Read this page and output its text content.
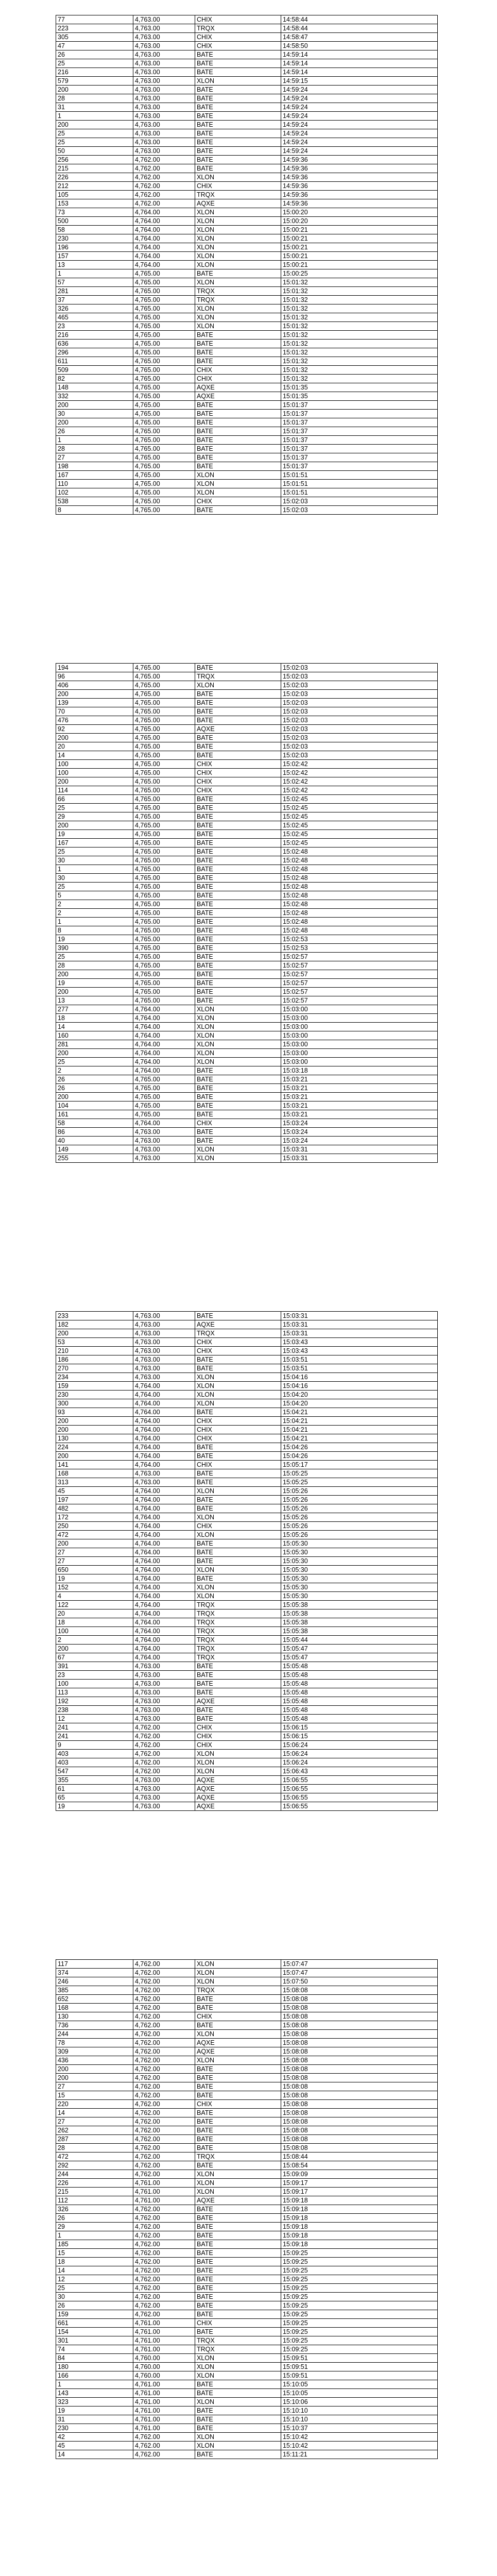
77	4,763.00	CHIX	14:58:44
223	4,763.00	TRQX	14:58:44
305	4,763.00	CHIX	14:58:47
47	4,763.00	CHIX	14:58:50
26	4,763.00	BATE	14:59:14
25	4,763.00	BATE	14:59:14
216	4,763.00	BATE	14:59:14
579	4,763.00	XLON	14:59:15
200	4,763.00	BATE	14:59:24
28	4,763.00	BATE	14:59:24
31	4,763.00	BATE	14:59:24
1	4,763.00	BATE	14:59:24
200	4,763.00	BATE	14:59:24
25	4,763.00	BATE	14:59:24
25	4,763.00	BATE	14:59:24
50	4,763.00	BATE	14:59:24
256	4,762.00	BATE	14:59:36
215	4,762.00	BATE	14:59:36
226	4,762.00	XLON	14:59:36
212	4,762.00	CHIX	14:59:36
105	4,762.00	TRQX	14:59:36
153	4,762.00	AQXE	14:59:36
73	4,764.00	XLON	15:00:20
500	4,764.00	XLON	15:00:20
58	4,764.00	XLON	15:00:21
230	4,764.00	XLON	15:00:21
196	4,764.00	XLON	15:00:21
157	4,764.00	XLON	15:00:21
13	4,764.00	XLON	15:00:21
1	4,765.00	BATE	15:00:25
57	4,765.00	XLON	15:01:32
281	4,765.00	TRQX	15:01:32
37	4,765.00	TRQX	15:01:32
326	4,765.00	XLON	15:01:32
465	4,765.00	XLON	15:01:32
23	4,765.00	XLON	15:01:32
216	4,765.00	BATE	15:01:32
636	4,765.00	BATE	15:01:32
296	4,765.00	BATE	15:01:32
611	4,765.00	BATE	15:01:32
509	4,765.00	CHIX	15:01:32
82	4,765.00	CHIX	15:01:32
148	4,765.00	AQXE	15:01:35
332	4,765.00	AQXE	15:01:35
200	4,765.00	BATE	15:01:37
30	4,765.00	BATE	15:01:37
200	4,765.00	BATE	15:01:37
26	4,765.00	BATE	15:01:37
1	4,765.00	BATE	15:01:37
28	4,765.00	BATE	15:01:37
27	4,765.00	BATE	15:01:37
198	4,765.00	BATE	15:01:37
167	4,765.00	XLON	15:01:51
110	4,765.00	XLON	15:01:51
102	4,765.00	XLON	15:01:51
538	4,765.00	CHIX	15:02:03
8	4,765.00	BATE	15:02:03
194	4,765.00	BATE	15:02:03
96	4,765.00	TRQX	15:02:03
406	4,765.00	XLON	15:02:03
200	4,765.00	BATE	15:02:03
139	4,765.00	BATE	15:02:03
70	4,765.00	BATE	15:02:03
476	4,765.00	BATE	15:02:03
92	4,765.00	AQXE	15:02:03
200	4,765.00	BATE	15:02:03
20	4,765.00	BATE	15:02:03
14	4,765.00	BATE	15:02:03
100	4,765.00	CHIX	15:02:42
100	4,765.00	CHIX	15:02:42
200	4,765.00	CHIX	15:02:42
114	4,765.00	CHIX	15:02:42
66	4,765.00	BATE	15:02:45
25	4,765.00	BATE	15:02:45
29	4,765.00	BATE	15:02:45
200	4,765.00	BATE	15:02:45
19	4,765.00	BATE	15:02:45
167	4,765.00	BATE	15:02:45
25	4,765.00	BATE	15:02:48
30	4,765.00	BATE	15:02:48
1	4,765.00	BATE	15:02:48
30	4,765.00	BATE	15:02:48
25	4,765.00	BATE	15:02:48
5	4,765.00	BATE	15:02:48
2	4,765.00	BATE	15:02:48
2	4,765.00	BATE	15:02:48
1	4,765.00	BATE	15:02:48
8	4,765.00	BATE	15:02:48
19	4,765.00	BATE	15:02:53
390	4,765.00	BATE	15:02:53
25	4,765.00	BATE	15:02:57
28	4,765.00	BATE	15:02:57
200	4,765.00	BATE	15:02:57
19	4,765.00	BATE	15:02:57
200	4,765.00	BATE	15:02:57
13	4,765.00	BATE	15:02:57
277	4,764.00	XLON	15:03:00
18	4,764.00	XLON	15:03:00
14	4,764.00	XLON	15:03:00
160	4,764.00	XLON	15:03:00
281	4,764.00	XLON	15:03:00
200	4,764.00	XLON	15:03:00
25	4,764.00	XLON	15:03:00
2	4,764.00	BATE	15:03:18
26	4,765.00	BATE	15:03:21
26	4,765.00	BATE	15:03:21
200	4,765.00	BATE	15:03:21
104	4,765.00	BATE	15:03:21
161	4,765.00	BATE	15:03:21
58	4,764.00	CHIX	15:03:24
86	4,763.00	BATE	15:03:24
40	4,763.00	BATE	15:03:24
149	4,763.00	XLON	15:03:31
255	4,763.00	XLON	15:03:31
233	4,763.00	BATE	15:03:31
182	4,763.00	AQXE	15:03:31
200	4,763.00	TRQX	15:03:31
53	4,763.00	CHIX	15:03:43
210	4,763.00	CHIX	15:03:43
186	4,763.00	BATE	15:03:51
270	4,763.00	BATE	15:03:51
234	4,763.00	XLON	15:04:16
159	4,764.00	XLON	15:04:16
230	4,764.00	XLON	15:04:20
300	4,764.00	XLON	15:04:20
93	4,764.00	BATE	15:04:21
200	4,764.00	CHIX	15:04:21
200	4,764.00	CHIX	15:04:21
130	4,764.00	CHIX	15:04:21
224	4,764.00	BATE	15:04:26
200	4,764.00	BATE	15:04:26
141	4,764.00	CHIX	15:05:17
168	4,763.00	BATE	15:05:25
313	4,763.00	BATE	15:05:25
45	4,764.00	XLON	15:05:26
197	4,764.00	BATE	15:05:26
482	4,764.00	BATE	15:05:26
172	4,764.00	XLON	15:05:26
250	4,764.00	CHIX	15:05:26
472	4,764.00	XLON	15:05:26
200	4,764.00	BATE	15:05:30
27	4,764.00	BATE	15:05:30
27	4,764.00	BATE	15:05:30
650	4,764.00	XLON	15:05:30
19	4,764.00	BATE	15:05:30
152	4,764.00	XLON	15:05:30
4	4,764.00	XLON	15:05:30
122	4,764.00	TRQX	15:05:38
20	4,764.00	TRQX	15:05:38
18	4,764.00	TRQX	15:05:38
100	4,764.00	TRQX	15:05:38
2	4,764.00	TRQX	15:05:44
200	4,764.00	TRQX	15:05:47
67	4,764.00	TRQX	15:05:47
391	4,763.00	BATE	15:05:48
23	4,763.00	BATE	15:05:48
100	4,763.00	BATE	15:05:48
113	4,763.00	BATE	15:05:48
192	4,763.00	AQXE	15:05:48
238	4,763.00	BATE	15:05:48
12	4,763.00	BATE	15:05:48
241	4,762.00	CHIX	15:06:15
241	4,762.00	CHIX	15:06:15
9	4,762.00	CHIX	15:06:24
403	4,762.00	XLON	15:06:24
403	4,762.00	XLON	15:06:24
547	4,762.00	XLON	15:06:43
355	4,763.00	AQXE	15:06:55
61	4,763.00	AQXE	15:06:55
65	4,763.00	AQXE	15:06:55
19	4,763.00	AQXE	15:06:55
117	4,762.00	XLON	15:07:47
374	4,762.00	XLON	15:07:47
246	4,762.00	XLON	15:07:50
385	4,762.00	TRQX	15:08:08
652	4,762.00	BATE	15:08:08
168	4,762.00	BATE	15:08:08
130	4,762.00	CHIX	15:08:08
736	4,762.00	BATE	15:08:08
244	4,762.00	XLON	15:08:08
78	4,762.00	AQXE	15:08:08
309	4,762.00	AQXE	15:08:08
436	4,762.00	XLON	15:08:08
200	4,762.00	BATE	15:08:08
200	4,762.00	BATE	15:08:08
27	4,762.00	BATE	15:08:08
15	4,762.00	BATE	15:08:08
220	4,762.00	CHIX	15:08:08
14	4,762.00	BATE	15:08:08
27	4,762.00	BATE	15:08:08
262	4,762.00	BATE	15:08:08
287	4,762.00	BATE	15:08:08
28	4,762.00	BATE	15:08:08
472	4,762.00	TRQX	15:08:44
292	4,762.00	BATE	15:08:54
244	4,762.00	XLON	15:09:09
226	4,761.00	XLON	15:09:17
215	4,761.00	XLON	15:09:17
112	4,761.00	AQXE	15:09:18
326	4,762.00	BATE	15:09:18
26	4,762.00	BATE	15:09:18
29	4,762.00	BATE	15:09:18
1	4,762.00	BATE	15:09:18
185	4,762.00	BATE	15:09:18
15	4,762.00	BATE	15:09:25
18	4,762.00	BATE	15:09:25
14	4,762.00	BATE	15:09:25
12	4,762.00	BATE	15:09:25
25	4,762.00	BATE	15:09:25
30	4,762.00	BATE	15:09:25
26	4,762.00	BATE	15:09:25
159	4,762.00	BATE	15:09:25
661	4,761.00	CHIX	15:09:25
154	4,761.00	BATE	15:09:25
301	4,761.00	TRQX	15:09:25
74	4,761.00	TRQX	15:09:25
84	4,760.00	XLON	15:09:51
180	4,760.00	XLON	15:09:51
166	4,760.00	XLON	15:09:51
1	4,761.00	BATE	15:10:05
143	4,761.00	BATE	15:10:05
323	4,761.00	XLON	15:10:06
19	4,761.00	BATE	15:10:10
31	4,761.00	BATE	15:10:10
230	4,761.00	BATE	15:10:37
42	4,762.00	XLON	15:10:42
45	4,762.00	XLON	15:10:42
14	4,762.00	BATE	15:11:21
